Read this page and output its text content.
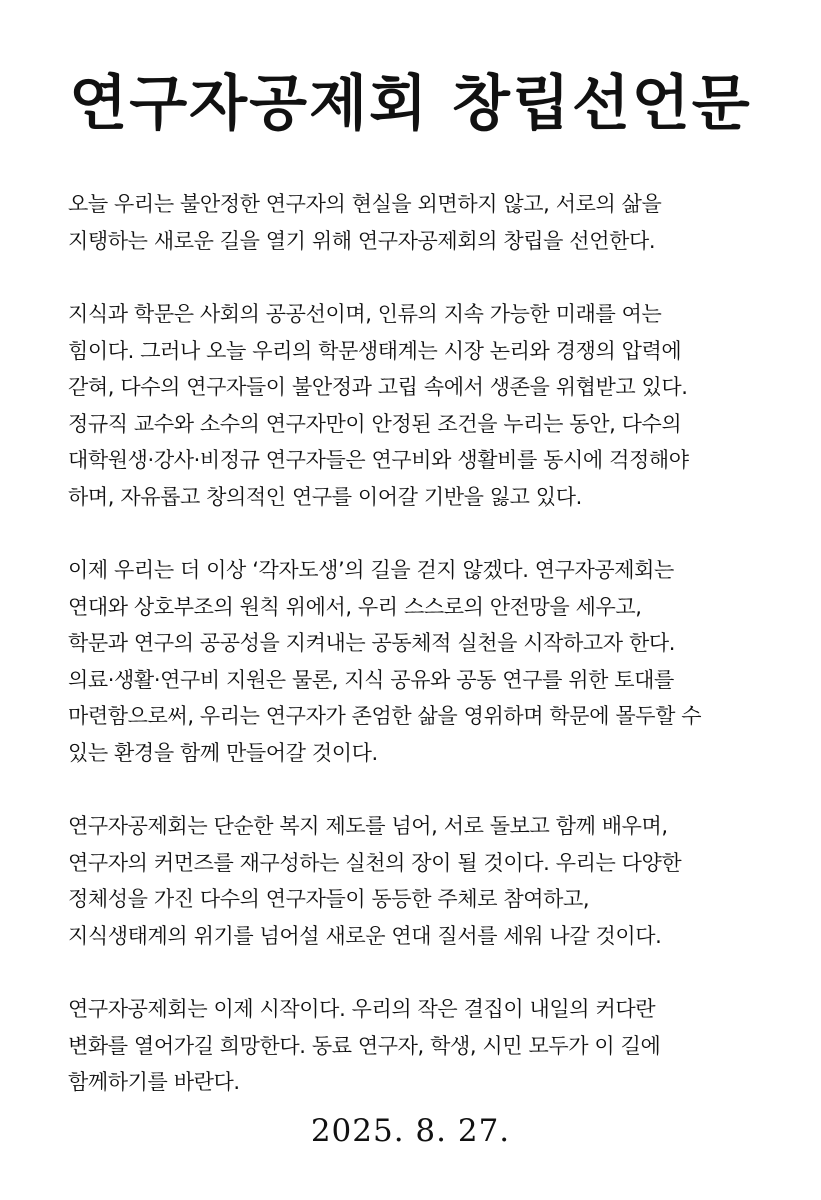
연구자공제회 창립선언문
오늘 우리는 불안정한 연구자의 현실을 외면하지 않고, 서로의 삶을
지탱하는 새로운 길을 열기 위해 연구자공제회의 창립을 선언한다.
지식과 학문은 사회의 공공선이며, 인류의 지속 가능한 미래를 여는
힘이다. 그러나 오늘 우리의 학문생태계는 시장 논리와 경쟁의 압력에
갇혀, 다수의 연구자들이 불안정과 고립 속에서 생존을 위협받고 있다.
정규직 교수와 소수의 연구자만이 안정된 조건을 누리는 동안, 다수의
대학원생·강사·비정규 연구자들은 연구비와 생활비를 동시에 걱정해야
하며, 자유롭고 창의적인 연구를 이어갈 기반을 잃고 있다.
이제 우리는 더 이상 ‘각자도생’의 길을 걷지 않겠다. 연구자공제회는
연대와 상호부조의 원칙 위에서, 우리 스스로의 안전망을 세우고,
학문과 연구의 공공성을 지켜내는 공동체적 실천을 시작하고자 한다.
의료·생활·연구비 지원은 물론, 지식 공유와 공동 연구를 위한 토대를
마련함으로써, 우리는 연구자가 존엄한 삶을 영위하며 학문에 몰두할 수
있는 환경을 함께 만들어갈 것이다.
연구자공제회는 단순한 복지 제도를 넘어, 서로 돌보고 함께 배우며,
연구자의 커먼즈를 재구성하는 실천의 장이 될 것이다. 우리는 다양한
정체성을 가진 다수의 연구자들이 동등한 주체로 참여하고,
지식생태계의 위기를 넘어설 새로운 연대 질서를 세워 나갈 것이다.
연구자공제회는 이제 시작이다. 우리의 작은 결집이 내일의 커다란
변화를 열어가길 희망한다. 동료 연구자, 학생, 시민 모두가 이 길에
함께하기를 바란다.

2025. 8. 27.
